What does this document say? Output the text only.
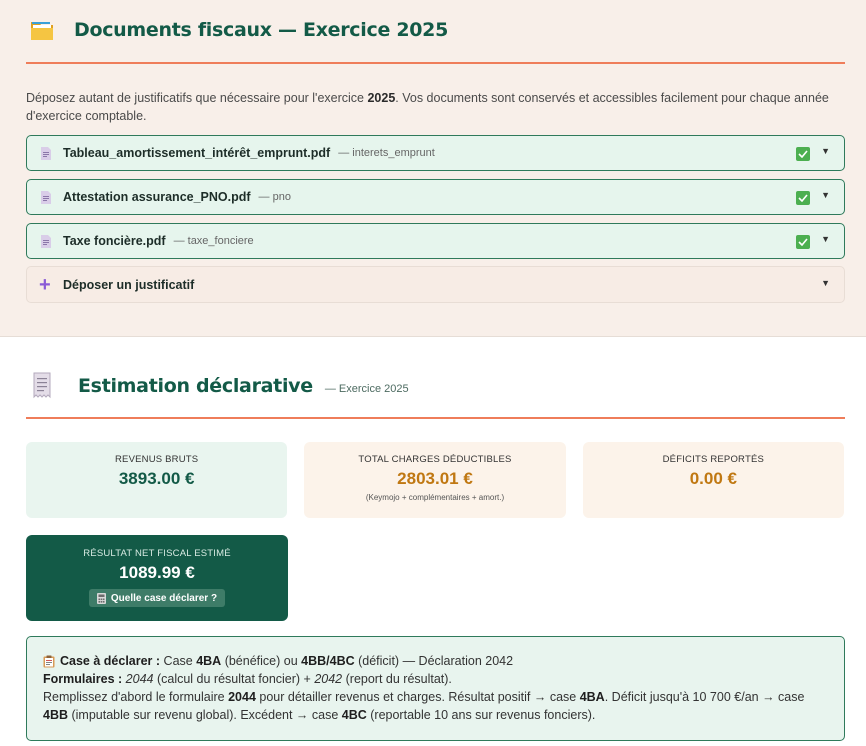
Documents fiscaux — Exercice 2025

Déposez autant de justificatifs que nécessaire pour l'exercice 2025. Vos documents sont conservés et accessibles facilement pour chaque année d'exercice comptable.

Tableau_amortissement_intérêt_emprunt.pdf — interets_emprunt	▼
Attestation assurance_PNO.pdf — pno	▼
Taxe foncière.pdf — taxe_fonciere	▼
+ Déposer un justificatif	▼
Estimation déclarative — Exercice 2025
REVENUS BRUTS
3893.00 €
TOTAL CHARGES DÉDUCTIBLES
2803.01 €
(Keymojo + complémentaires + amort.)
DÉFICITS REPORTÉS
0.00 €
RÉSULTAT NET FISCAL ESTIMÉ
1089.99 €
Quelle case déclarer ?
Case à déclarer : Case 4BA (bénéfice) ou 4BB/4BC (déficit) — Déclaration 2042
Formulaires : 2044 (calcul du résultat foncier) + 2042 (report du résultat).
Remplissez d'abord le formulaire 2044 pour détailler revenus et charges. Résultat positif → case 4BA. Déficit jusqu'à 10 700 €/an → case 4BB (imputable sur revenu global). Excédent → case 4BC (reportable 10 ans sur revenus fonciers).
